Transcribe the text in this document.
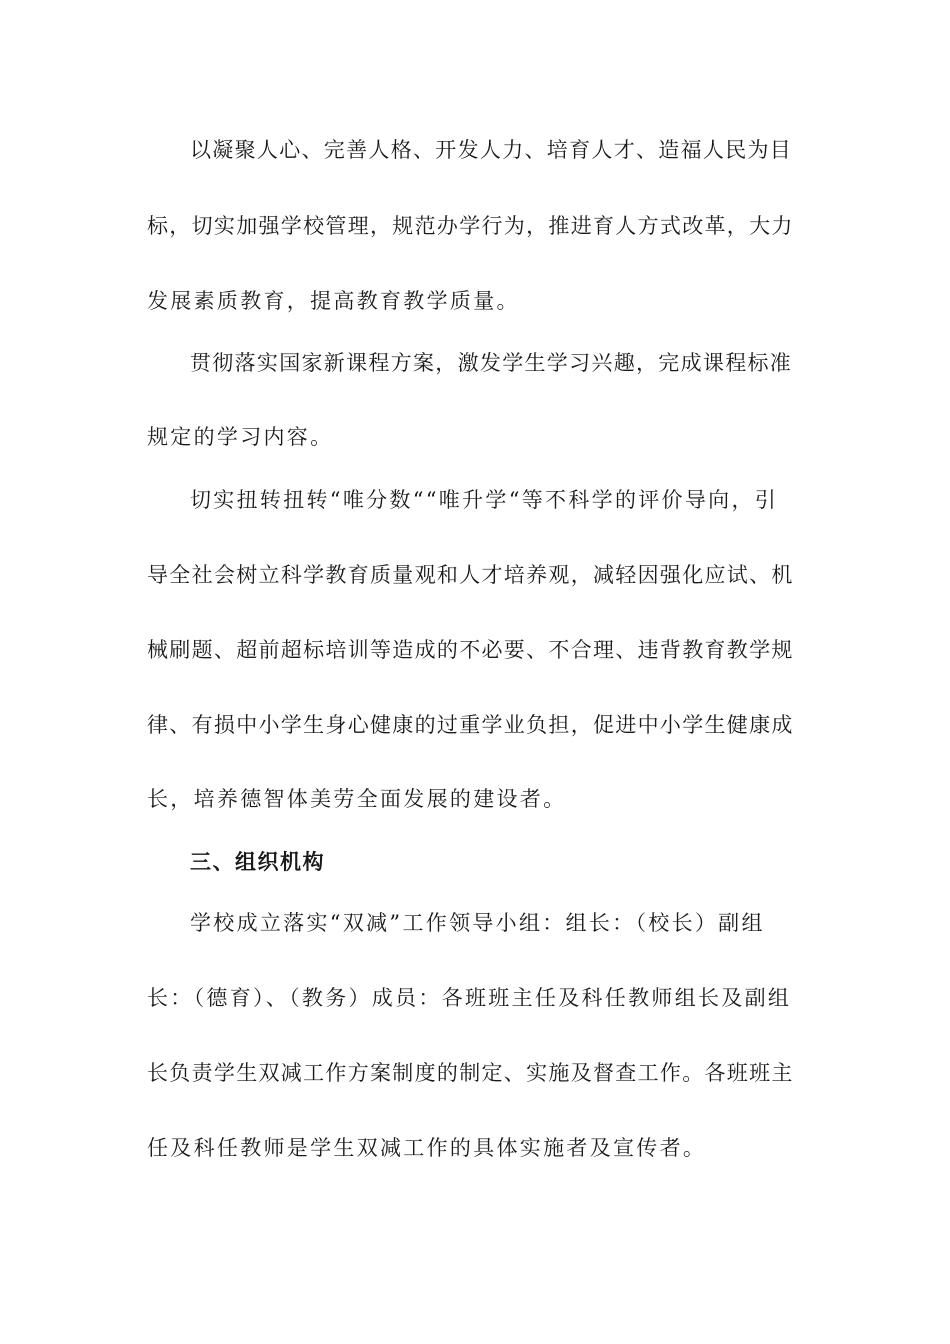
以凝聚人心、完善人格、开发人力、培育人才、造福人民为目
标，切实加强学校管理，规范办学行为，推进育人方式改革，大力
发展素质教育，提高教育教学质量。
贯彻落实国家新课程方案，激发学生学习兴趣，完成课程标准
规定的学习内容。
切实扭转扭转“唯分数““唯升学“等不科学的评价导向，引
导全社会树立科学教育质量观和人才培养观，减轻因强化应试、机
械刷题、超前超标培训等造成的不必要、不合理、违背教育教学规
律、有损中小学生身心健康的过重学业负担，促进中小学生健康成
长，培养德智体美劳全面发展的建设者。
三、组织机构
学校成立落实“双减”工作领导小组：组长：（校长）副组
长：（德育）、（教务）成员：各班班主任及科任教师组长及副组
长负责学生双减工作方案制度的制定、实施及督查工作。各班班主
任及科任教师是学生双减工作的具体实施者及宣传者。
